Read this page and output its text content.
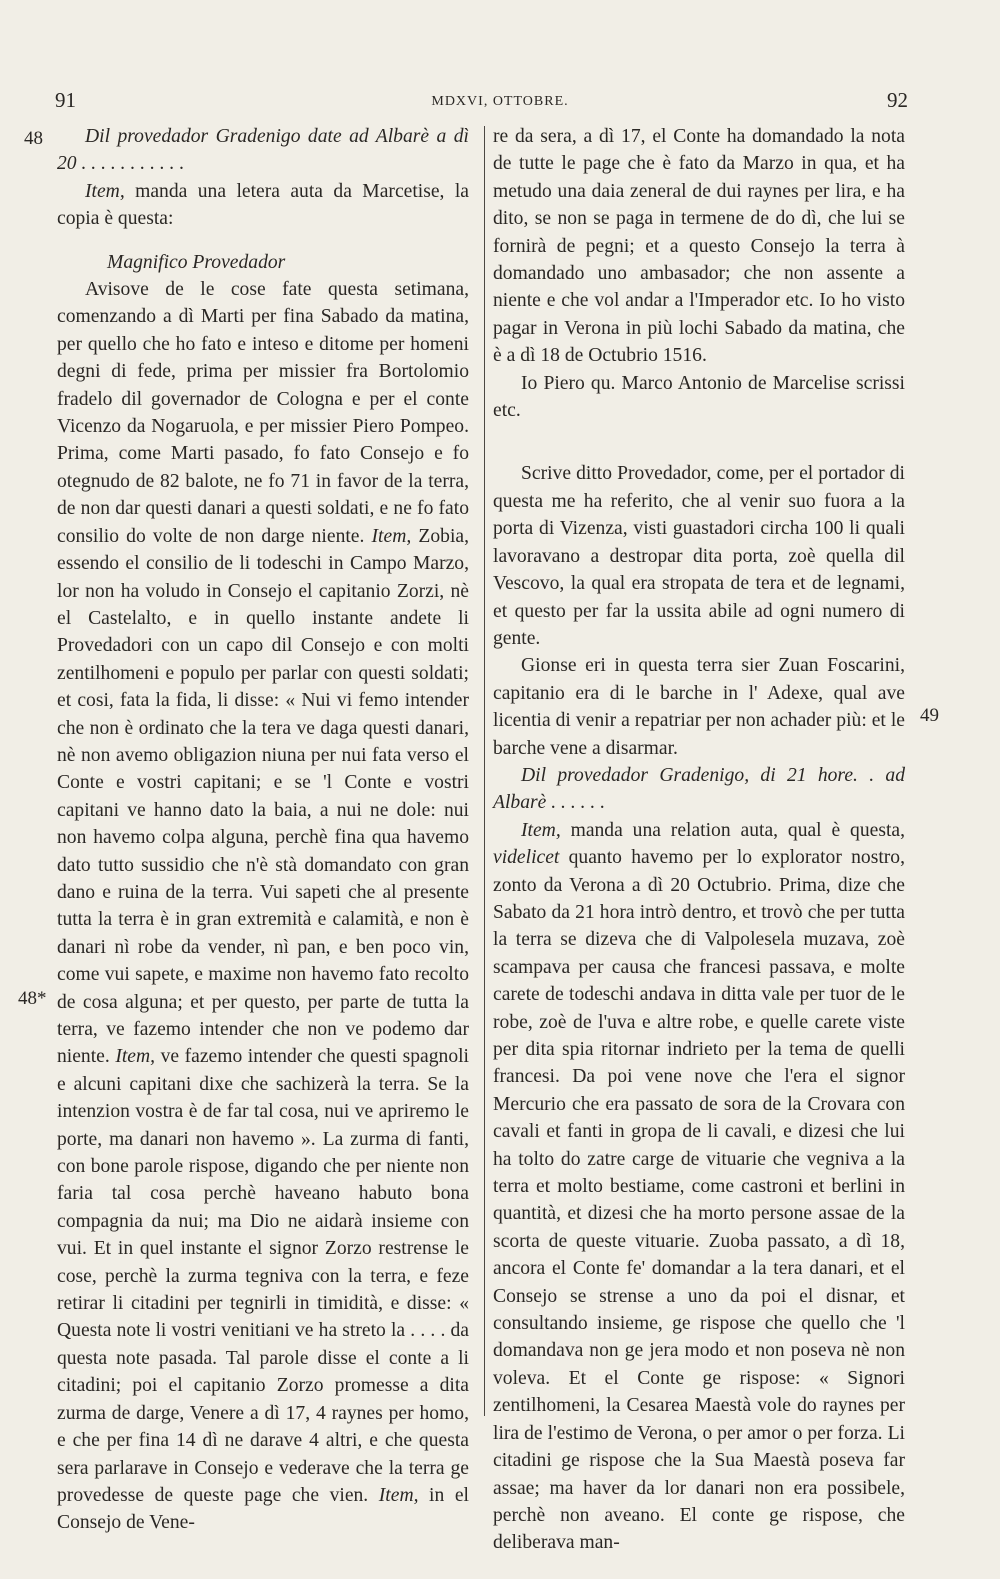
91	MDXVI, OTTOBRE.	92
48
48*
49

Dil provedador Gradenigo date ad Albarè a dì 20 . . . . . . . . . . .

Item, manda una letera auta da Marcetise, la copia è questa:

Magnifico Provedador

Avisove de le cose fate questa setimana, comenzando a dì Marti per fina Sabado da matina, per quello che ho fato e inteso e ditome per homeni degni di fede, prima per missier fra Bortolomio fradelo dil governador de Cologna e per el conte Vicenzo da Nogaruola, e per missier Piero Pompeo. Prima, come Marti pasado, fo fato Consejo e fo otegnudo de 82 balote, ne fo 71 in favor de la terra, de non dar questi danari a questi soldati, e ne fo fato consilio do volte de non darge niente. Item, Zobia, essendo el consilio de li todeschi in Campo Marzo, lor non ha voludo in Consejo el capitanio Zorzi, nè el Castelalto, e in quello instante andete li Provedadori con un capo dil Consejo e con molti zentilhomeni e populo per parlar con questi soldati; et cosi, fata la fida, li disse: « Nui vi femo intender che non è ordinato che la tera ve daga questi danari, nè non avemo obligazion niuna per nui fata verso el Conte e vostri capitani; e se 'l Conte e vostri capitani ve hanno dato la baia, a nui ne dole: nui non havemo colpa alguna, perchè fina qua havemo dato tutto sussidio che n'è stà domandato con gran dano e ruina de la terra. Vui sapeti che al presente tutta la terra è in gran extremità e calamità, e non è danari nì robe da vender, nì pan, e ben poco vin, come vui sapete, e maxime non havemo fato recolto de cosa alguna; et per questo, per parte de tutta la terra, ve fazemo intender che non ve podemo dar niente. Item, ve fazemo intender che questi spagnoli e alcuni capitani dixe che sachizerà la terra. Se la intenzion vostra è de far tal cosa, nui ve apriremo le porte, ma danari non havemo ». La zurma di fanti, con bone parole rispose, digando che per niente non faria tal cosa perchè haveano habuto bona compagnia da nui; ma Dio ne aidarà insieme con vui. Et in quel instante el signor Zorzo restrense le cose, perchè la zurma tegniva con la terra, e feze retirar li citadini per tegnirli in timidità, e disse: « Questa note li vostri venitiani ve ha streto la . . . . da questa note pasada. Tal parole disse el conte a li citadini; poi el capitanio Zorzo promesse a dita zurma de darge, Venere a dì 17, 4 raynes per homo, e che per fina 14 dì ne darave 4 altri, e che questa sera parlarave in Consejo e vederave che la terra ge provedesse de queste page che vien. Item, in el Consejo de Vene-

re da sera, a dì 17, el Conte ha domandado la nota de tutte le page che è fato da Marzo in qua, et ha metudo una daia zeneral de dui raynes per lira, e ha dito, se non se paga in termene de do dì, che lui se fornirà de pegni; et a questo Consejo la terra à domandado uno ambasador; che non assente a niente e che vol andar a l'Imperador etc. Io ho visto pagar in Verona in più lochi Sabado da matina, che è a dì 18 de Octubrio 1516.

Io Piero qu. Marco Antonio de Marcelise scrissi etc.

Scrive ditto Provedador, come, per el portador di questa me ha referito, che al venir suo fuora a la porta di Vizenza, visti guastadori circha 100 li quali lavoravano a destropar dita porta, zoè quella dil Vescovo, la qual era stropata de tera et de legnami, et questo per far la ussita abile ad ogni numero di gente.

Gionse eri in questa terra sier Zuan Foscarini, capitanio era di le barche in l' Adexe, qual ave licentia di venir a repatriar per non achader più: et le barche vene a disarmar.

Dil provedador Gradenigo, di 21 hore. . ad Albarè . . . . . .

Item, manda una relation auta, qual è questa, videlicet quanto havemo per lo explorator nostro, zonto da Verona a dì 20 Octubrio. Prima, dize che Sabato da 21 hora intrò dentro, et trovò che per tutta la terra se dizeva che di Valpolesela muzava, zoè scampava per causa che francesi passava, e molte carete de todeschi andava in ditta vale per tuor de le robe, zoè de l'uva e altre robe, e quelle carete viste per dita spia ritornar indrieto per la tema de quelli francesi. Da poi vene nove che l'era el signor Mercurio che era passato de sora de la Crovara con cavali et fanti in gropa de li cavali, e dizesi che lui ha tolto do zatre carge de vituarie che vegniva a la terra et molto bestiame, come castroni et berlini in quantità, et dizesi che ha morto persone assae de la scorta de queste vituarie. Zuoba passato, a dì 18, ancora el Conte fe' domandar a la tera danari, et el Consejo se strense a uno da poi el disnar, et consultando insieme, ge rispose che quello che 'l domandava non ge jera modo et non poseva nè non voleva. Et el Conte ge rispose: « Signori zentilhomeni, la Cesarea Maestà vole do raynes per lira de l'estimo de Verona, o per amor o per forza. Li citadini ge rispose che la Sua Maestà poseva far assae; ma haver da lor danari non era possibele, perchè non aveano. El conte ge rispose, che deliberava man-
